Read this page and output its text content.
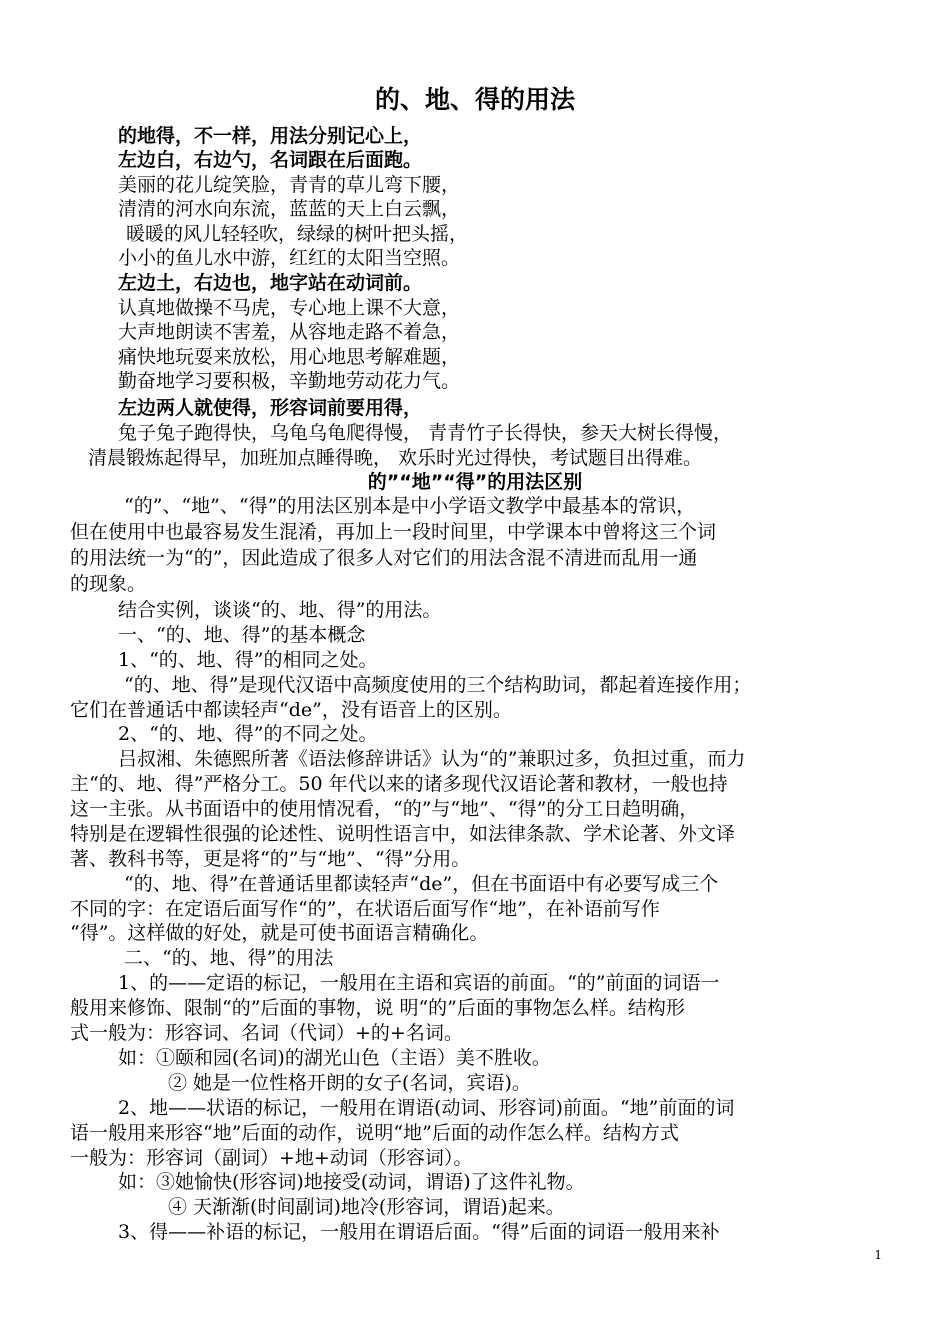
的、地、得的用法
的地得，不一样，用法分别记心上，
左边白，右边勺，名词跟在后面跑。
美丽的花儿绽笑脸，青青的草儿弯下腰，
清清的河水向东流，蓝蓝的天上白云飘，
暖暖的风儿轻轻吹，绿绿的树叶把头摇，
小小的鱼儿水中游，红红的太阳当空照。
左边土，右边也，地字站在动词前。
认真地做操不马虎，专心地上课不大意，
大声地朗读不害羞，从容地走路不着急，
痛快地玩耍来放松，用心地思考解难题，
勤奋地学习要积极，辛勤地劳动花力气。
左边两人就使得，形容词前要用得，
兔子兔子跑得快，乌龟乌龟爬得慢， 青青竹子长得快，参天大树长得慢，
清晨锻炼起得早，加班加点睡得晚， 欢乐时光过得快，考试题目出得难。
的”“地”“得”的用法区别
“的”、“地”、“得”的用法区别本是中小学语文教学中最基本的常识，
但在使用中也最容易发生混淆，再加上一段时间里，中学课本中曾将这三个词
的用法统一为“的”，因此造成了很多人对它们的用法含混不清进而乱用一通
的现象。
结合实例，谈谈“的、地、得”的用法。
一、“的、地、得”的基本概念
1、“的、地、得”的相同之处。
“的、地、得”是现代汉语中高频度使用的三个结构助词，都起着连接作用；
它们在普通话中都读轻声“de”，没有语音上的区别。
2、“的、地、得”的不同之处。
吕叔湘、朱德熙所著《语法修辞讲话》认为“的”兼职过多，负担过重，而力
主“的、地、得”严格分工。50 年代以来的诸多现代汉语论著和教材，一般也持
这一主张。从书面语中的使用情况看，“的”与“地”、“得”的分工日趋明确，
特别是在逻辑性很强的论述性、说明性语言中，如法律条款、学术论著、外文译
著、教科书等，更是将“的”与“地”、“得”分用。
“的、地、得”在普通话里都读轻声“de”，但在书面语中有必要写成三个
不同的字：在定语后面写作“的”，在状语后面写作“地”，在补语前写作
“得”。这样做的好处，就是可使书面语言精确化。
二、“的、地、得”的用法
1、的——定语的标记，一般用在主语和宾语的前面。“的”前面的词语一
般用来修饰、限制“的”后面的事物，说 明“的”后面的事物怎么样。结构形
式一般为：形容词、名词（代词）+的+名词。
如：①颐和园(名词)的湖光山色（主语）美不胜收。
② 她是一位性格开朗的女子(名词，宾语)。
2、地——状语的标记，一般用在谓语(动词、形容词)前面。“地”前面的词
语一般用来形容“地”后面的动作，说明“地”后面的动作怎么样。结构方式
一般为：形容词（副词）+地+动词（形容词）。
如：③她愉快(形容词)地接受(动词，谓语)了这件礼物。
④ 天渐渐(时间副词)地冷(形容词，谓语)起来。
3、得——补语的标记，一般用在谓语后面。“得”后面的词语一般用来补
1
